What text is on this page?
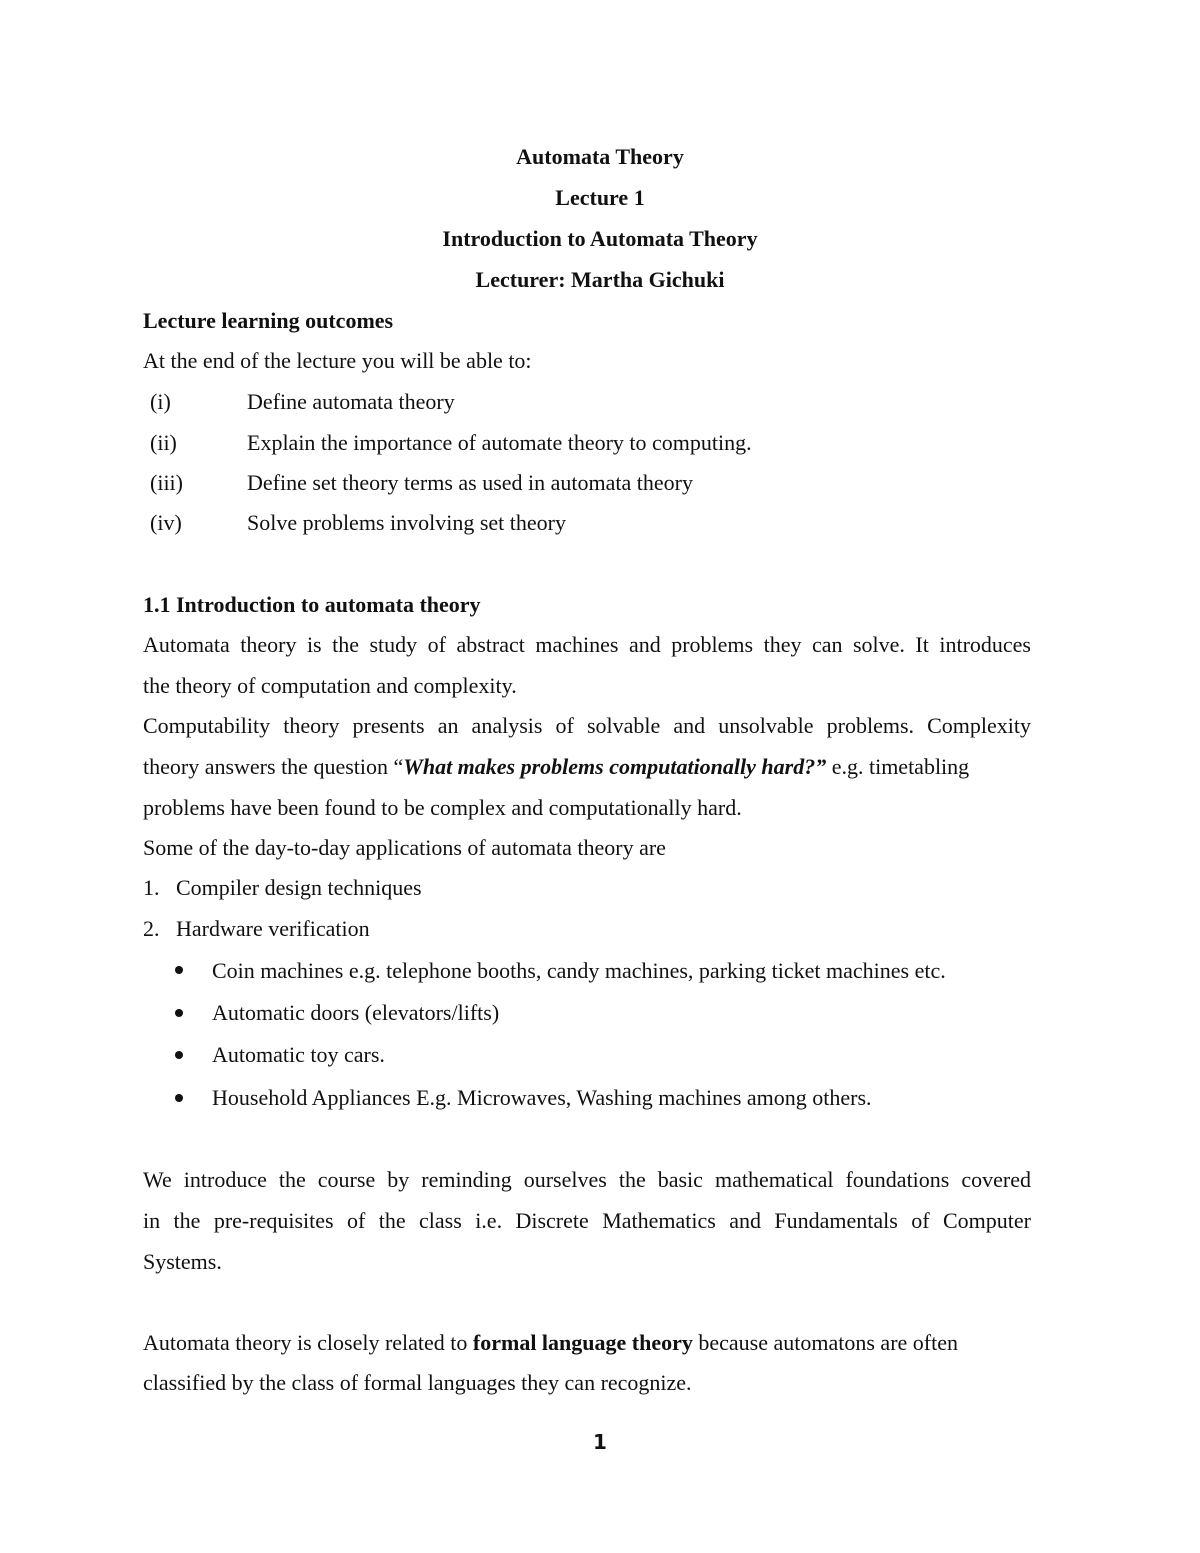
Automata Theory
Lecture 1
Introduction to Automata Theory
Lecturer: Martha Gichuki
Lecture learning outcomes
At the end of the lecture you will be able to:
(i)	Define automata theory
(ii)	Explain the importance of automate theory to computing.
(iii)	Define set theory terms as used in automata theory
(iv)	Solve problems involving set theory
1.1 Introduction to automata theory
Automata theory is the study of abstract machines and problems they can solve. It introduces
the theory of computation and complexity.
Computability theory presents an analysis of solvable and unsolvable problems. Complexity
theory answers the question “What makes problems computationally hard?” e.g. timetabling
problems have been found to be complex and computationally hard.
Some of the day-to-day applications of automata theory are
1. Compiler design techniques
2. Hardware verification
Coin machines e.g. telephone booths, candy machines, parking ticket machines etc.
Automatic doors (elevators/lifts)
Automatic toy cars.
Household Appliances E.g. Microwaves, Washing machines among others.
We introduce the course by reminding ourselves the basic mathematical foundations covered
in the pre-requisites of the class i.e. Discrete Mathematics and Fundamentals of Computer
Systems.
Automata theory is closely related to formal language theory because automatons are often
classified by the class of formal languages they can recognize.
1
